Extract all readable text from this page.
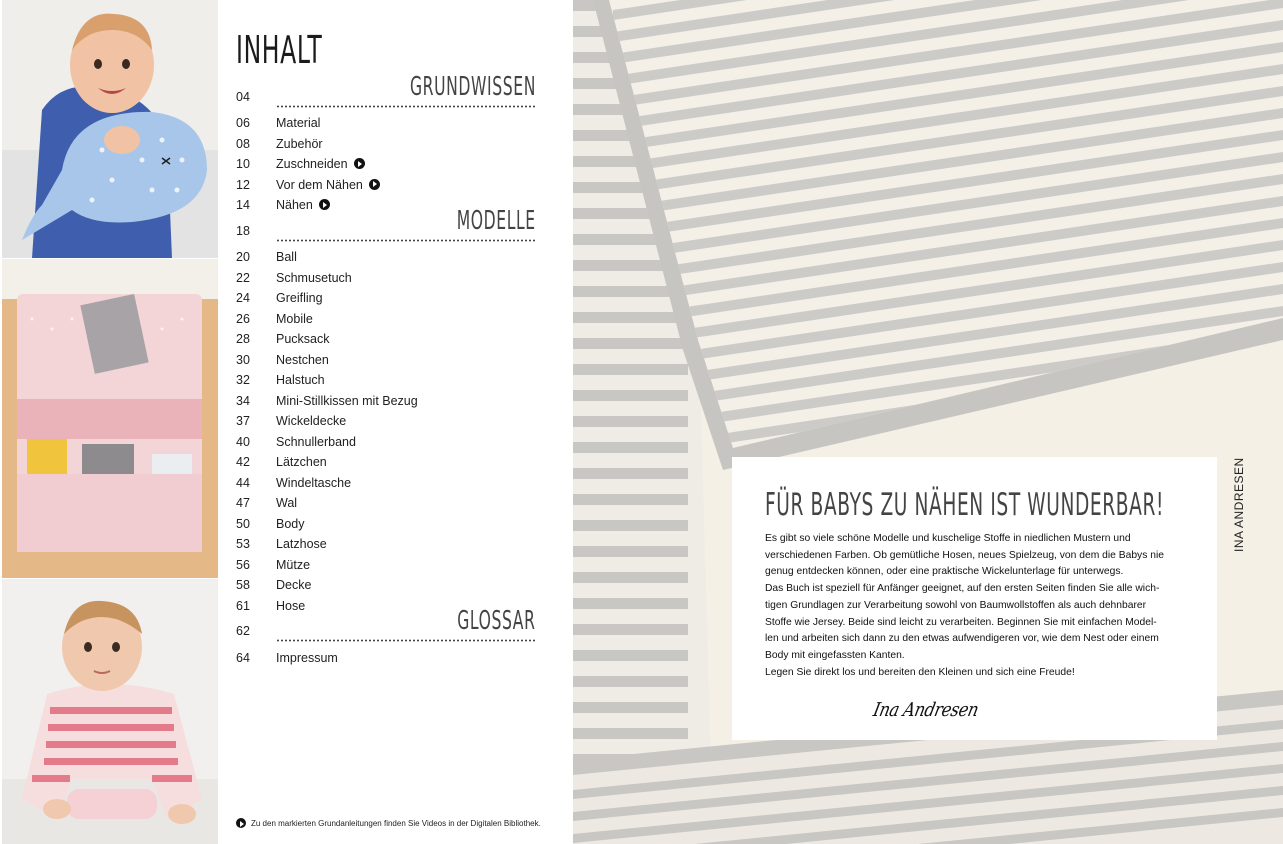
INHALT
04	GRUNDWISSEN
06	Material
08	Zubehör
10	Zuschneiden
12	Vor dem Nähen
14	Nähen
18	MODELLE
20	Ball
22	Schmusetuch
24	Greifling
26	Mobile
28	Pucksack
30	Nestchen
32	Halstuch
34	Mini-Stillkissen mit Bezug
37	Wickeldecke
40	Schnullerband
42	Lätzchen
44	Windeltasche
47	Wal
50	Body
53	Latzhose
56	Mütze
58	Decke
61	Hose
62	GLOSSAR
64	Impressum
Zu den markierten Grundanleitungen finden Sie Videos in der Digitalen Bibliothek.
FÜR BABYS ZU NÄHEN IST WUNDERBAR!
Es gibt so viele schöne Modelle und kuschelige Stoffe in niedlichen Mustern und
verschiedenen Farben. Ob gemütliche Hosen, neues Spielzeug, von dem die Babys nie
genug entdecken können, oder eine praktische Wickelunterlage für unterwegs.
Das Buch ist speziell für Anfänger geeignet, auf den ersten Seiten finden Sie alle wich-
tigen Grundlagen zur Verarbeitung sowohl von Baumwollstoffen als auch dehnbarer
Stoffe wie Jersey. Beide sind leicht zu verarbeiten. Beginnen Sie mit einfachen Model-
len und arbeiten sich dann zu den etwas aufwendigeren vor, wie dem Nest oder einem
Body mit eingefassten Kanten.
Legen Sie direkt los und bereiten den Kleinen und sich eine Freude!
Ina Andresen
INA ANDRESEN
